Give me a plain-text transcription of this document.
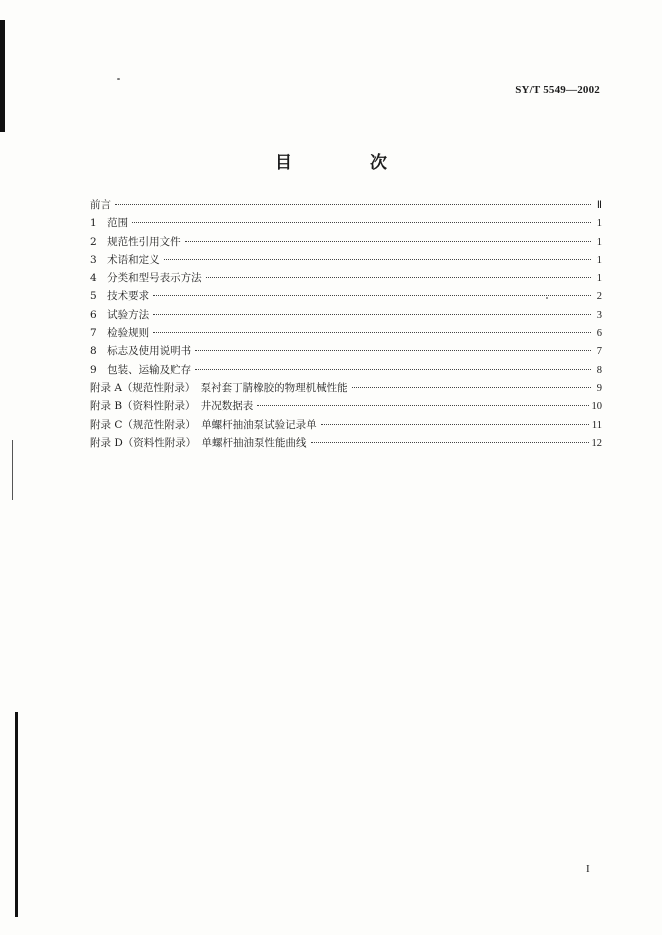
SY/T 5549—2002
目 次
前言	Ⅱ
1　范围	1
2　规范性引用文件	1
3　术语和定义	1
4　分类和型号表示方法	1
5　技术要求	2
6　试验方法	3
7　检验规则	6
8　标志及使用说明书	7
9　包装、运输及贮存	8
附录 A（规范性附录）　泵衬套丁腈橡胶的物理机械性能	9
附录 B（资料性附录）　井况数据表	10
附录 C（规范性附录）　单螺杆抽油泵试验记录单	11
附录 D（资料性附录）　单螺杆抽油泵性能曲线	12
I
